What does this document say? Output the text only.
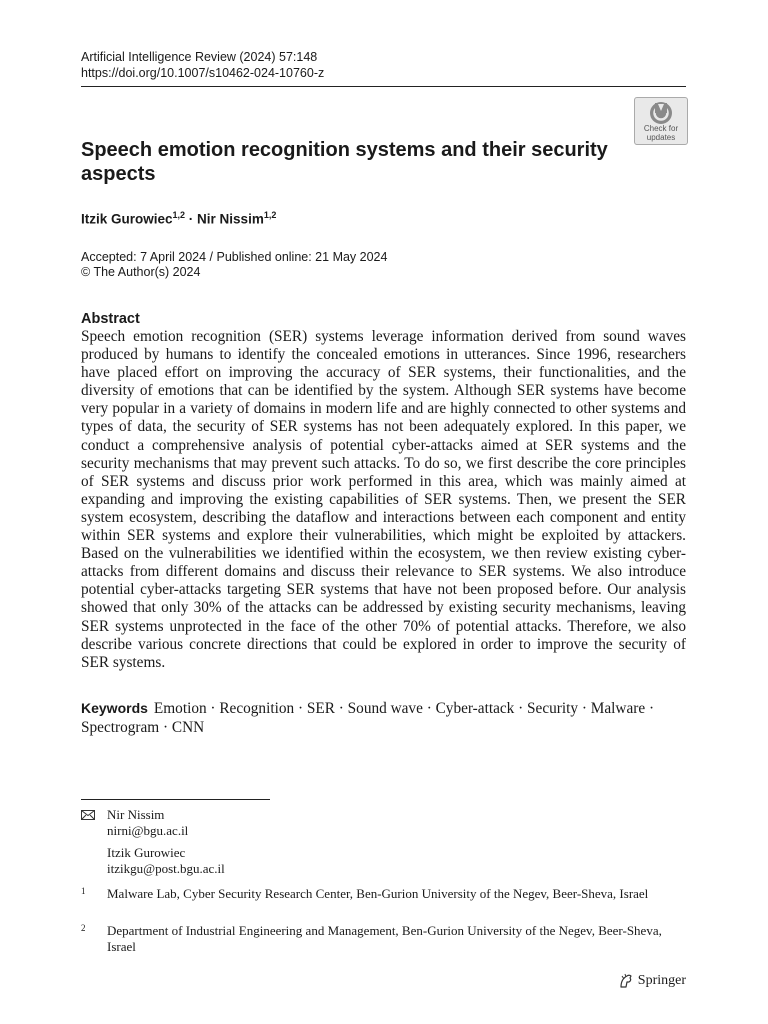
Artificial Intelligence Review (2024) 57:148
https://doi.org/10.1007/s10462-024-10760-z
Check for
updates
Speech emotion recognition systems and their security aspects
Itzik Gurowiec$^{1,2}$ · Nir Nissim$^{1,2}$
Accepted: 7 April 2024 / Published online: 21 May 2024
© The Author(s) 2024
Abstract

Speech emotion recognition (SER) systems leverage information derived from sound waves produced by humans to identify the concealed emotions in utterances. Since 1996, researchers have placed effort on improving the accuracy of SER systems, their functionalities, and the diversity of emotions that can be identified by the system. Although SER systems have become very popular in a variety of domains in modern life and are highly connected to other systems and types of data, the security of SER systems has not been adequately explored. In this paper, we conduct a comprehensive analysis of potential cyber-attacks aimed at SER systems and the security mechanisms that may prevent such attacks. To do so, we first describe the core principles of SER systems and discuss prior work performed in this area, which was mainly aimed at expanding and improving the existing capabilities of SER systems. Then, we present the SER system ecosystem, describing the dataflow and interactions between each component and entity within SER systems and explore their vulnerabilities, which might be exploited by attackers. Based on the vulnerabilities we identified within the ecosystem, we then review existing cyber-attacks from different domains and discuss their relevance to SER systems. We also introduce potential cyber-attacks targeting SER systems that have not been proposed before. Our analysis showed that only 30% of the attacks can be addressed by existing security mechanisms, leaving SER systems unprotected in the face of the other 70% of potential attacks. Therefore, we also describe various concrete directions that could be explored in order to improve the security of SER systems.

Keywords Emotion · Recognition · SER · Sound wave · Cyber-attack · Security · Malware · Spectrogram · CNN
Nir Nissim
nirni@bgu.ac.il
Itzik Gurowiec
itzikgu@post.bgu.ac.il
1 Malware Lab, Cyber Security Research Center, Ben-Gurion University of the Negev, Beer-Sheva, Israel
2 Department of Industrial Engineering and Management, Ben-Gurion University of the Negev, Beer-Sheva, Israel
Springer
